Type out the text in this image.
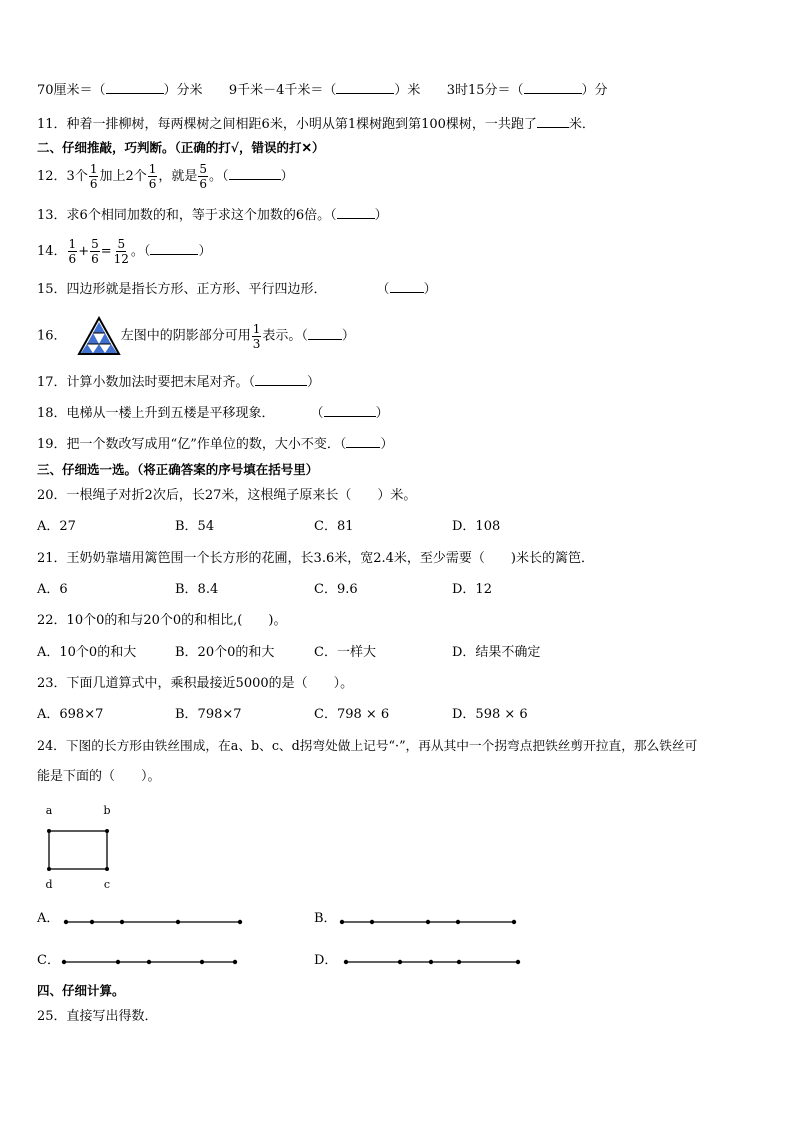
70厘米＝（	）分米 9千米－4千米＝（	）米 3时15分＝（	）分
11．种着一排柳树，每两棵树之间相距6米，小明从第1棵树跑到第100棵树，一共跑了 米．
二、仔细推敲，巧判断。（正确的打√，错误的打✕）
12．3个 $\frac{1}{6}$ 加上2个 $\frac{1}{6}$ ，就是 $\frac{5}{6}$ 。（	）
13．求6个相同加数的和，等于求这个加数的6倍。（	）
14． $\frac{1}{6} + \frac{5}{6} = \frac{5}{12}$ 。（	）
15．四边形就是指长方形、正方形、平行四边形．	（	）
16．	左图中的阴影部分可用 $\frac{1}{3}$ 表示。（	）
17．计算小数加法时要把末尾对齐。（	）
18．电梯从一楼上升到五楼是平移现象．	（	）
19．把一个数改写成用“亿”作单位的数，大小不变．（	）
三、仔细选一选。（将正确答案的序号填在括号里）
20．一根绳子对折2次后，长27米，这根绳子原来长（　　）米。
A．27	B．54	C．81	D．108
21．王奶奶靠墙用篱笆围一个长方形的花圃，长3.6米，宽2.4米，至少需要（　　)米长的篱笆．
A．6	B．8.4	C．9.6	D．12
22．10个0的和与20个0的和相比,(　　)。
A．10个0的和大	B．20个0的和大	C．一样大	D．结果不确定
23．下面几道算式中，乘积最接近5000的是（　　）。
A．698×7	B．798×7	C．798 × 6	D．598 × 6
24．下图的长方形由铁丝围成，在a、b、c、d拐弯处做上记号“·”，再从其中一个拐弯点把铁丝剪开拉直，那么铁丝可
能是下面的（　　）。
a	b
d	c
A．	B．
C．	D．
四、仔细计算。
25．直接写出得数．
